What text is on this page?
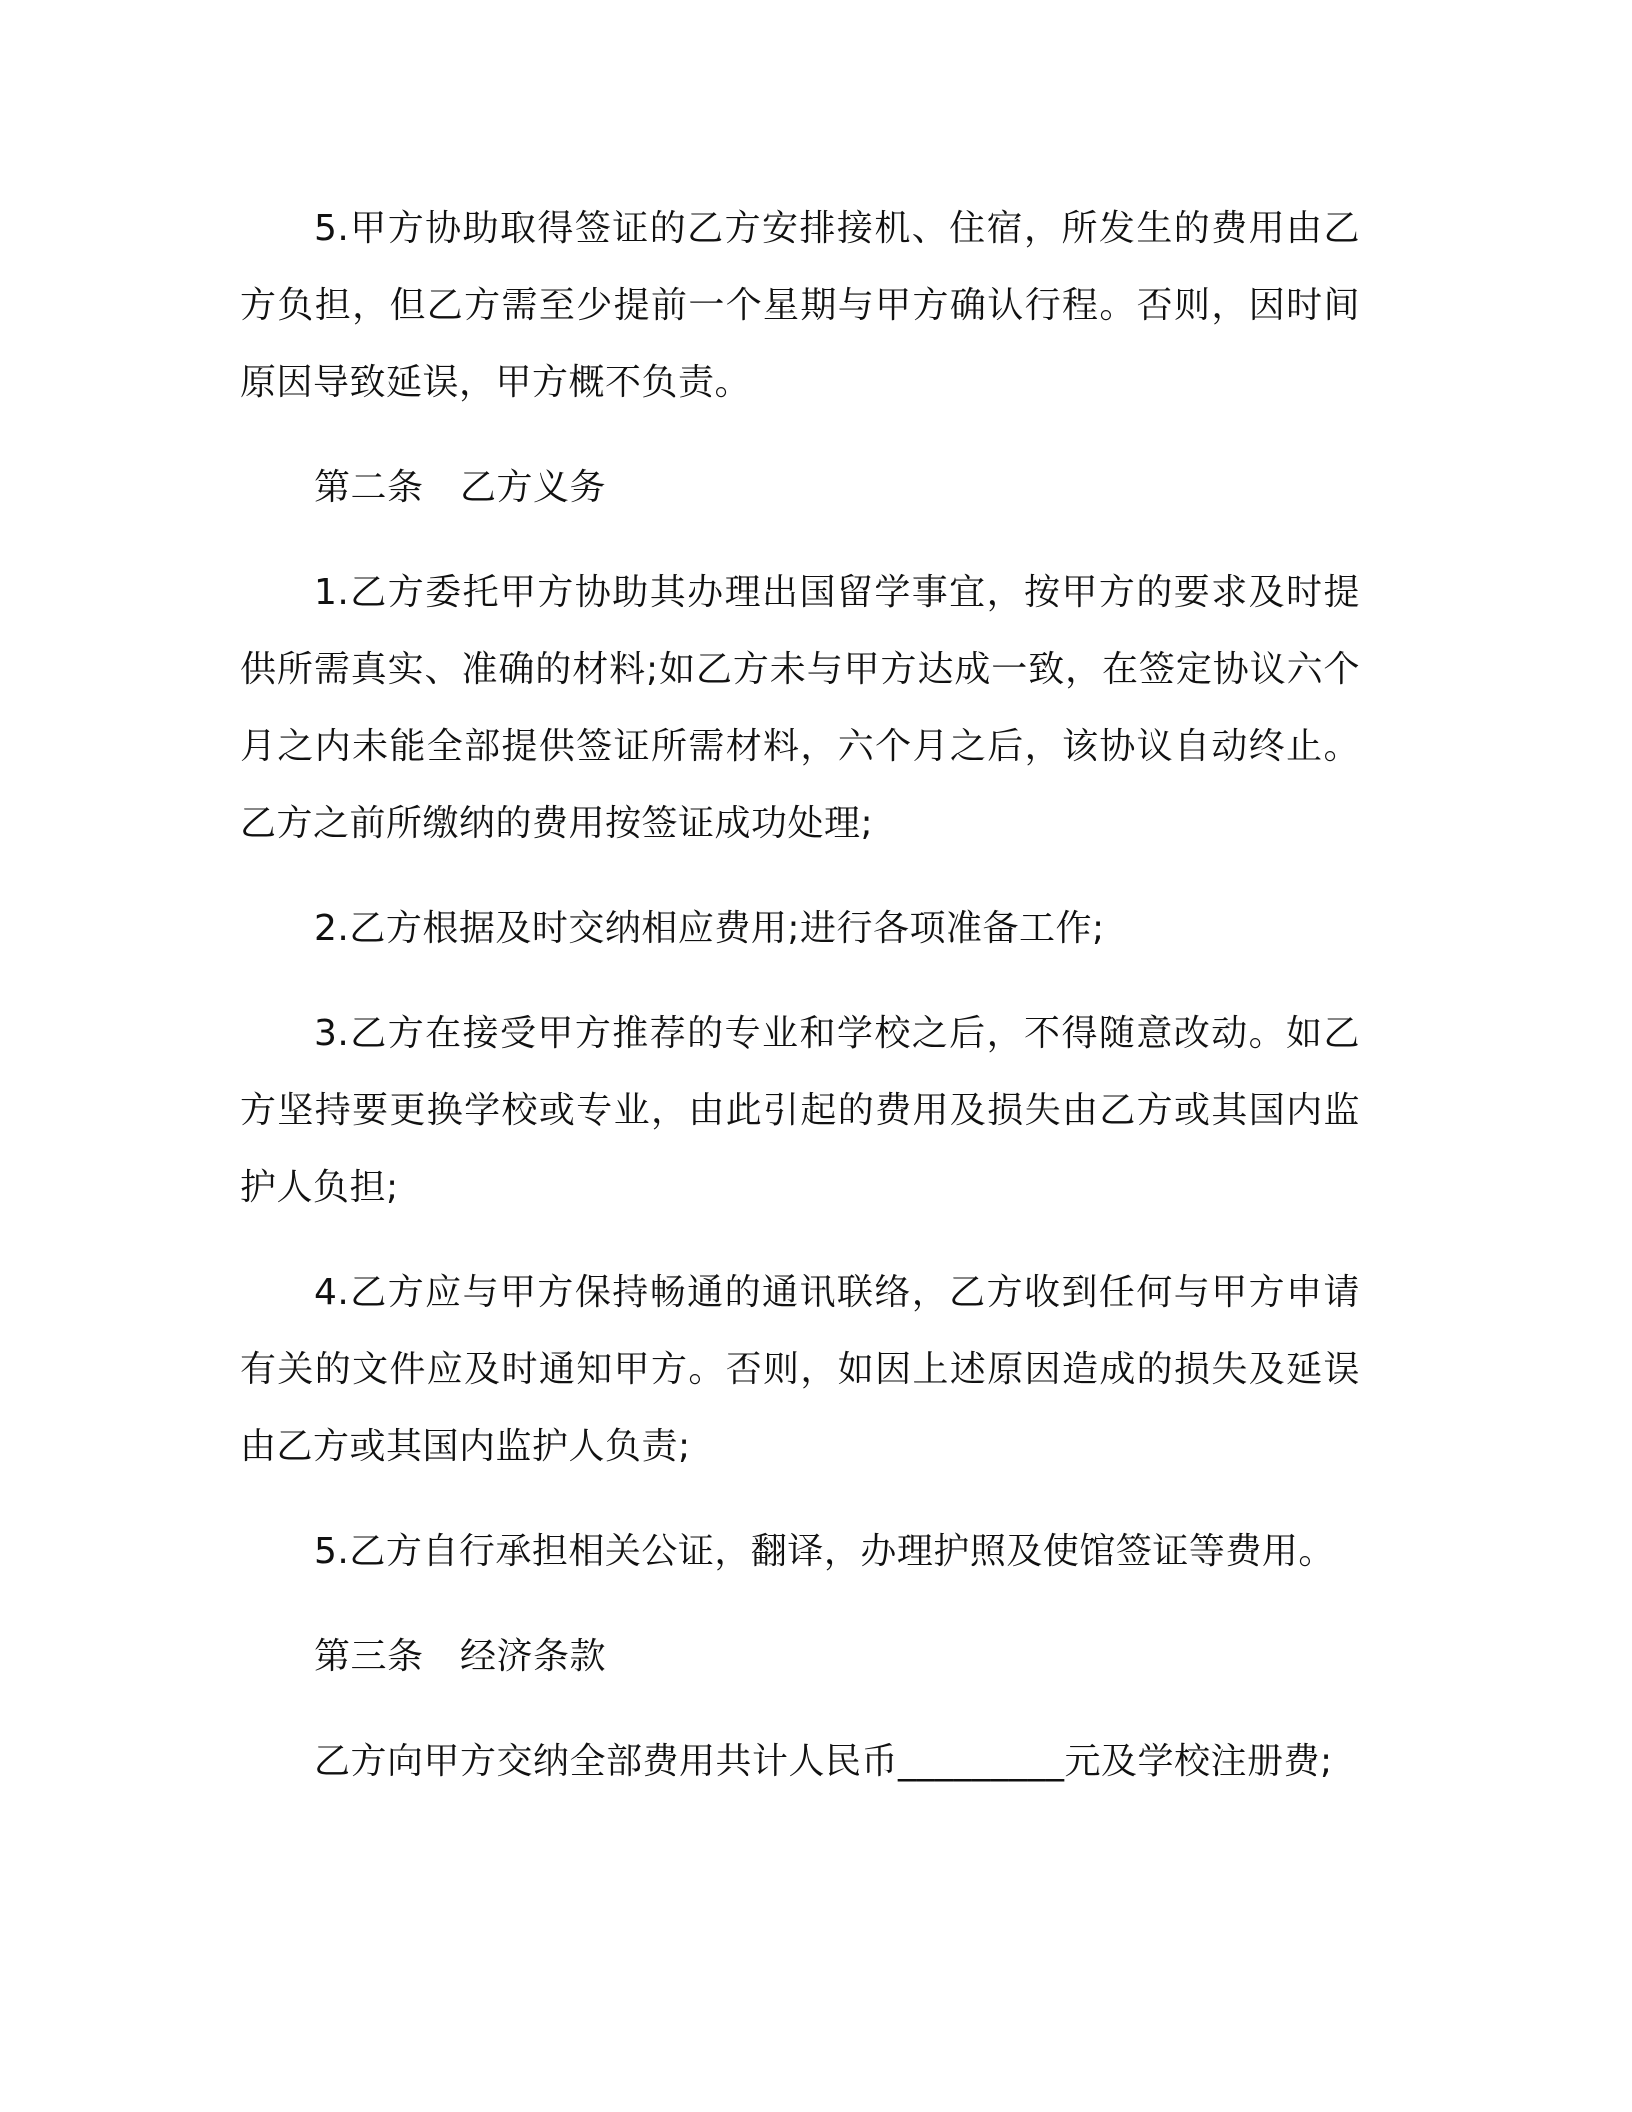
5.甲方协助取得签证的乙方安排接机、住宿，所发生的费用由乙方负担，但乙方需至少提前一个星期与甲方确认行程。否则，因时间原因导致延误，甲方概不负责。

第二条　乙方义务

1.乙方委托甲方协助其办理出国留学事宜，按甲方的要求及时提供所需真实、准确的材料;如乙方未与甲方达成一致，在签定协议六个月之内未能全部提供签证所需材料，六个月之后，该协议自动终止。乙方之前所缴纳的费用按签证成功处理;

2.乙方根据及时交纳相应费用;进行各项准备工作;

3.乙方在接受甲方推荐的专业和学校之后，不得随意改动。如乙方坚持要更换学校或专业，由此引起的费用及损失由乙方或其国内监护人负担;

4.乙方应与甲方保持畅通的通讯联络，乙方收到任何与甲方申请有关的文件应及时通知甲方。否则，如因上述原因造成的损失及延误由乙方或其国内监护人负责;

5.乙方自行承担相关公证，翻译，办理护照及使馆签证等费用。

第三条　经济条款

乙方向甲方交纳全部费用共计人民币_________元及学校注册费;
